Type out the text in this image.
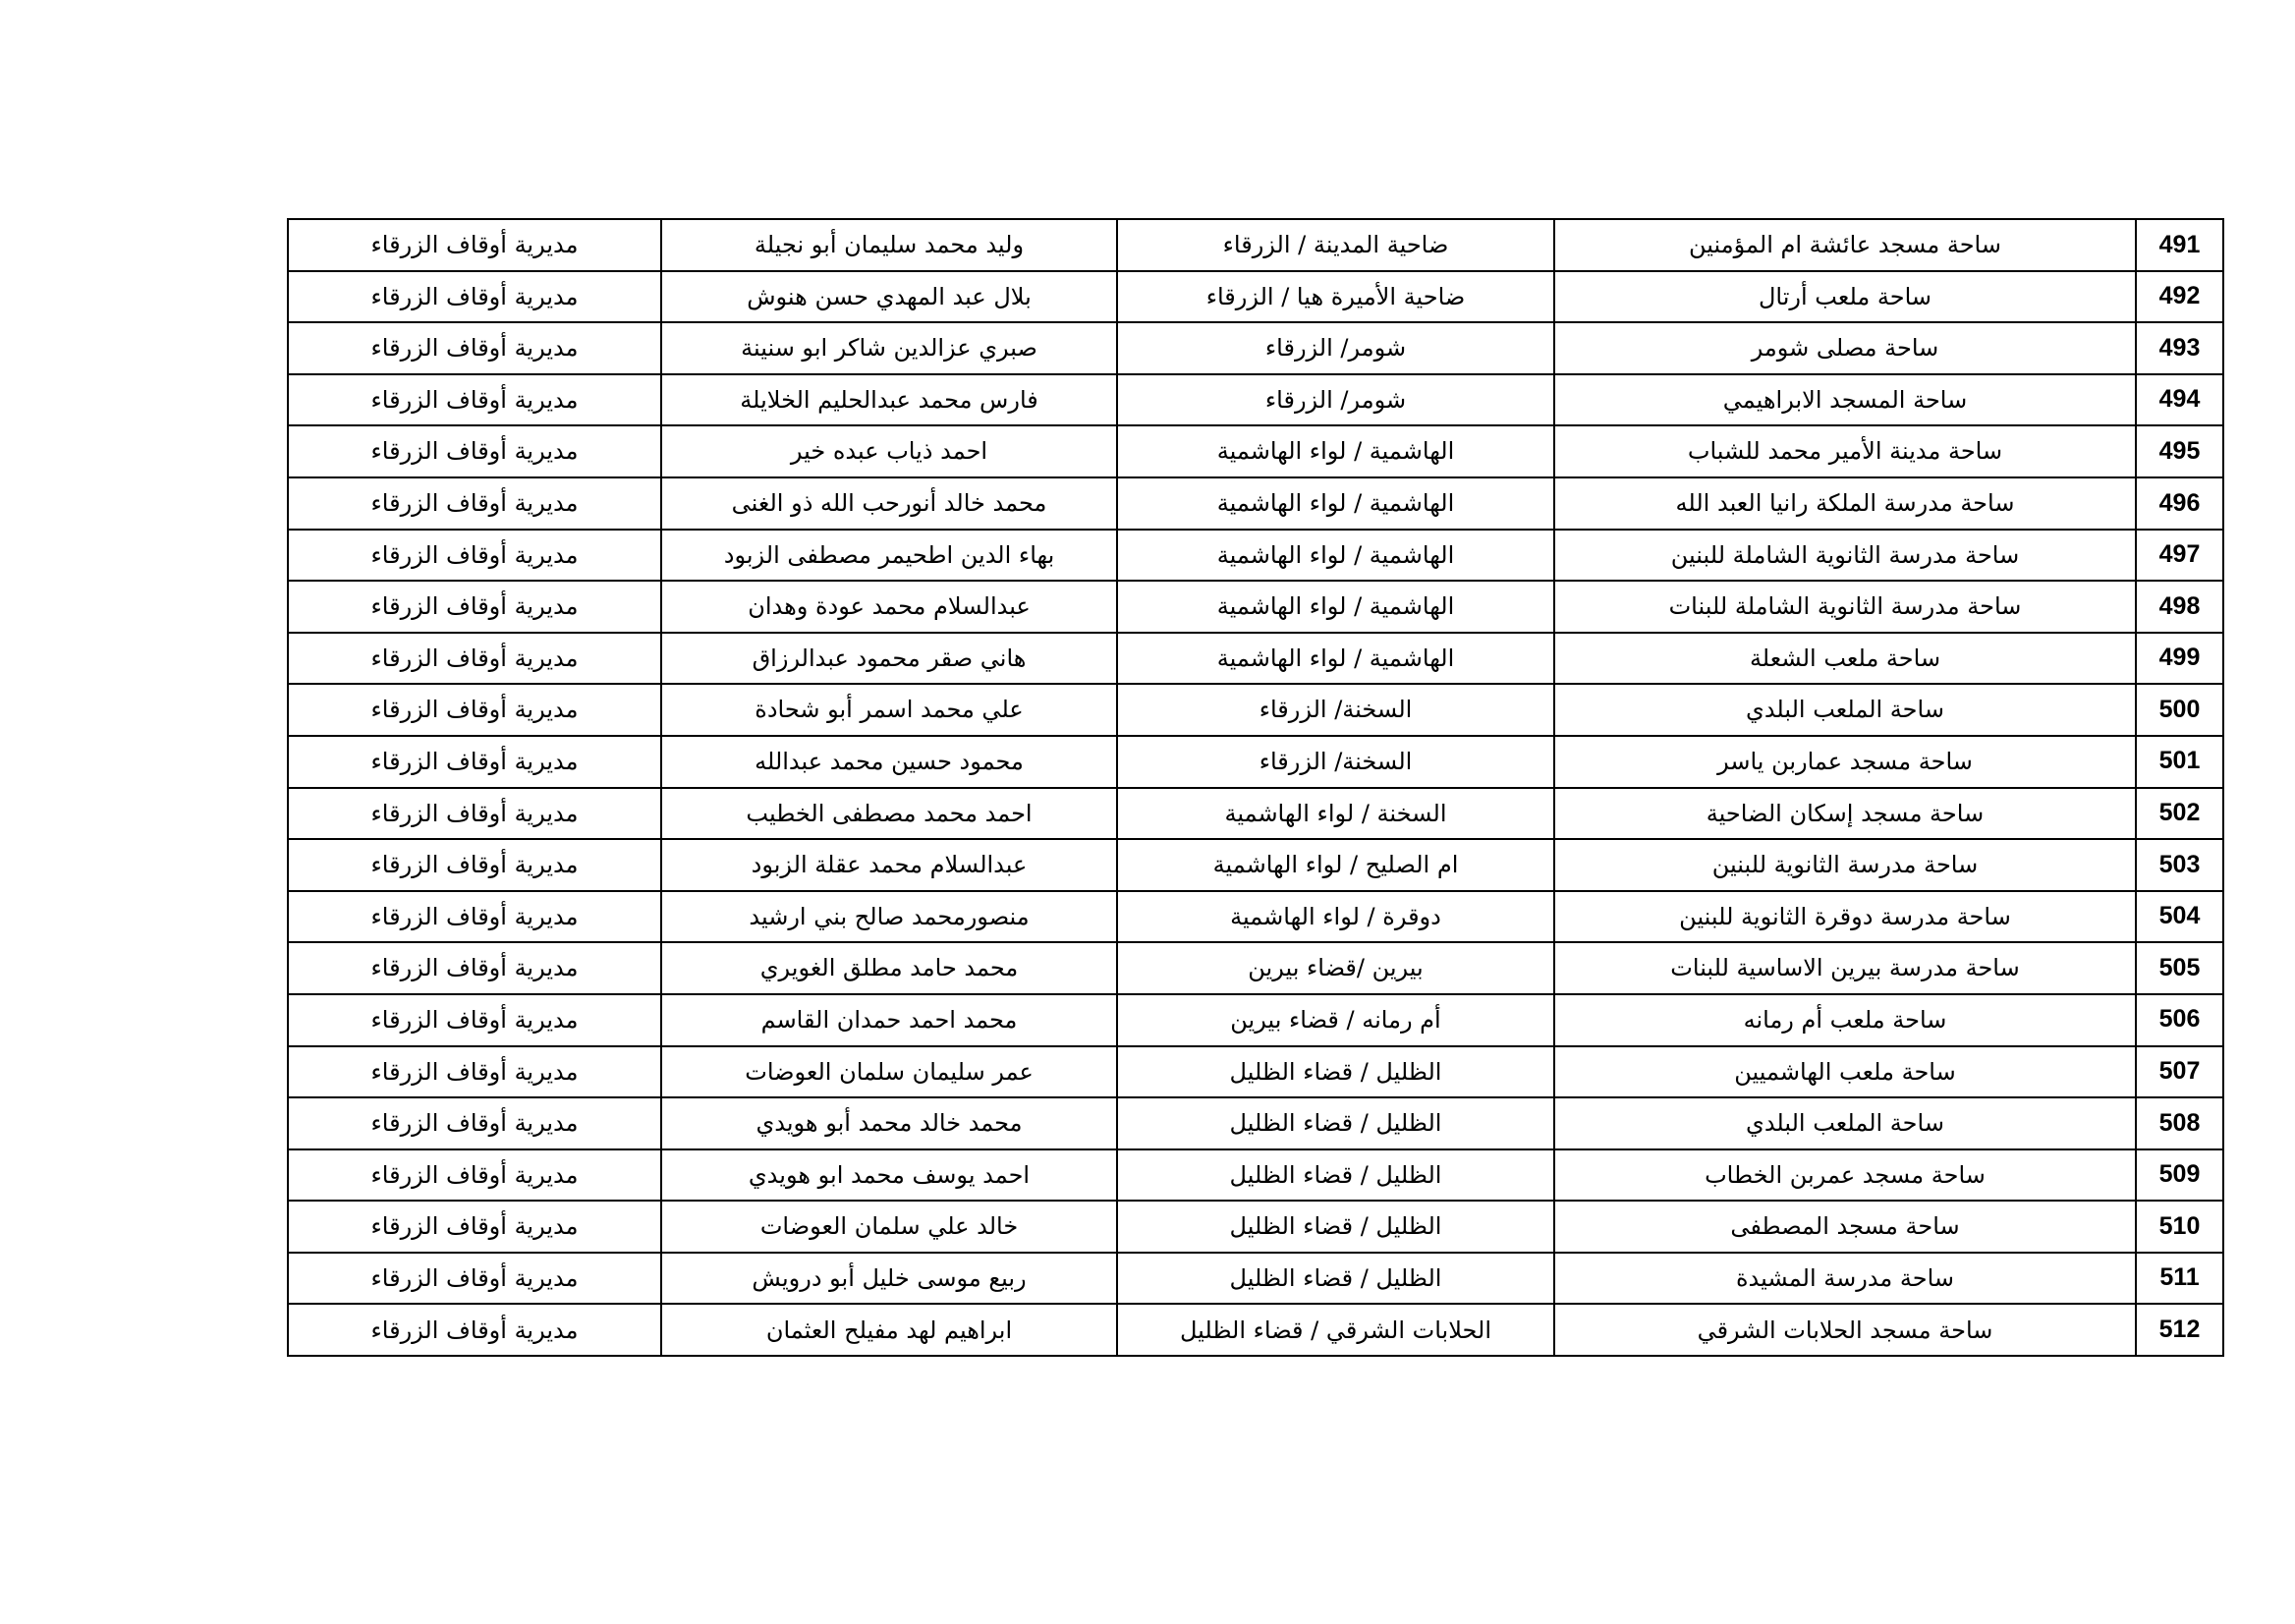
491	ساحة مسجد عائشة ام المؤمنين	ضاحية المدينة / الزرقاء	وليد محمد سليمان أبو نجيلة	مديرية أوقاف الزرقاء
492	ساحة ملعب أرتال	ضاحية الأميرة هيا / الزرقاء	بلال عبد المهدي حسن هنوش	مديرية أوقاف الزرقاء
493	ساحة مصلى شومر	شومر/ الزرقاء	صبري عزالدين شاكر ابو سنينة	مديرية أوقاف الزرقاء
494	ساحة المسجد الابراهيمي	شومر/ الزرقاء	فارس محمد عبدالحليم الخلايلة	مديرية أوقاف الزرقاء
495	ساحة مدينة الأمير محمد للشباب	الهاشمية / لواء الهاشمية	احمد ذياب عبده خير	مديرية أوقاف الزرقاء
496	ساحة مدرسة الملكة رانيا العبد الله	الهاشمية / لواء الهاشمية	محمد خالد أنورحب الله ذو الغنى	مديرية أوقاف الزرقاء
497	ساحة مدرسة الثانوية الشاملة للبنين	الهاشمية / لواء الهاشمية	بهاء الدين اطحيمر مصطفى الزبود	مديرية أوقاف الزرقاء
498	ساحة مدرسة الثانوية الشاملة للبنات	الهاشمية / لواء الهاشمية	عبدالسلام محمد عودة وهدان	مديرية أوقاف الزرقاء
499	ساحة ملعب الشعلة	الهاشمية / لواء الهاشمية	هاني صقر محمود عبدالرزاق	مديرية أوقاف الزرقاء
500	ساحة الملعب البلدي	السخنة/ الزرقاء	علي محمد اسمر أبو شحادة	مديرية أوقاف الزرقاء
501	ساحة مسجد عماربن ياسر	السخنة/ الزرقاء	محمود حسين محمد عبدالله	مديرية أوقاف الزرقاء
502	ساحة مسجد إسكان الضاحية	السخنة / لواء الهاشمية	احمد محمد مصطفى الخطيب	مديرية أوقاف الزرقاء
503	ساحة مدرسة الثانوية للبنين	ام الصليح / لواء الهاشمية	عبدالسلام محمد عقلة الزبود	مديرية أوقاف الزرقاء
504	ساحة مدرسة دوقرة الثانوية للبنين	دوقرة / لواء الهاشمية	منصورمحمد صالح بني ارشيد	مديرية أوقاف الزرقاء
505	ساحة مدرسة بيرين الاساسية للبنات	بيرين /قضاء بيرين	محمد حامد مطلق الغويري	مديرية أوقاف الزرقاء
506	ساحة ملعب أم رمانه	أم رمانه / قضاء بيرين	محمد احمد حمدان القاسم	مديرية أوقاف الزرقاء
507	ساحة ملعب الهاشميين	الظليل / قضاء الظليل	عمر سليمان سلمان العوضات	مديرية أوقاف الزرقاء
508	ساحة الملعب البلدي	الظليل / قضاء الظليل	محمد خالد محمد أبو هويدي	مديرية أوقاف الزرقاء
509	ساحة مسجد عمربن الخطاب	الظليل / قضاء الظليل	احمد يوسف محمد ابو هويدي	مديرية أوقاف الزرقاء
510	ساحة مسجد المصطفى	الظليل / قضاء الظليل	خالد علي سلمان العوضات	مديرية أوقاف الزرقاء
511	ساحة مدرسة المشيدة	الظليل / قضاء الظليل	ربيع موسى خليل أبو درويش	مديرية أوقاف الزرقاء
512	ساحة مسجد الحلابات الشرقي	الحلابات الشرقي / قضاء الظليل	ابراهيم لهد مفيلح العثمان	مديرية أوقاف الزرقاء
